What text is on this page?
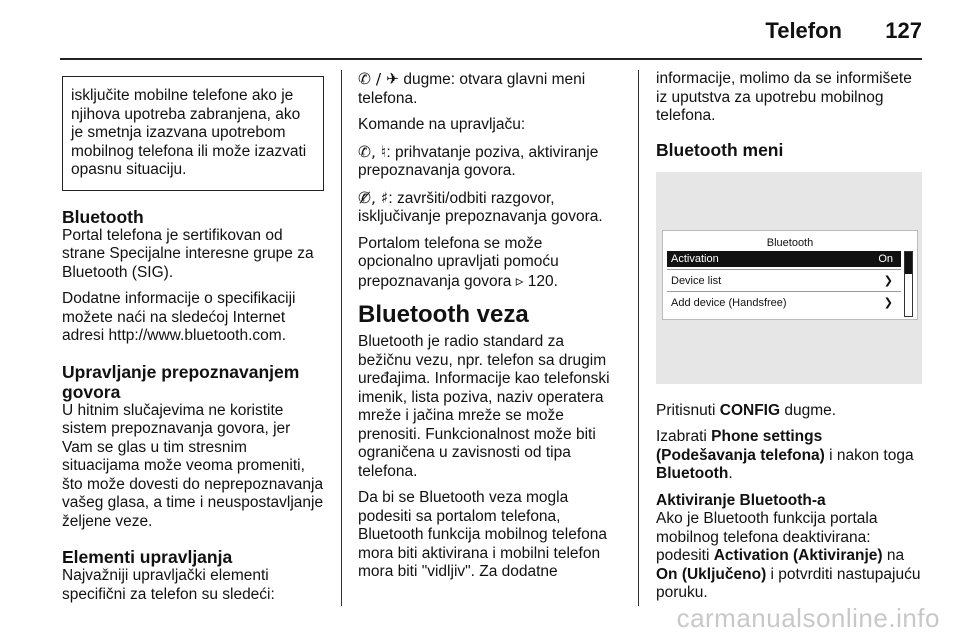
Telefon 127

isključite mobilne telefone ako je njihova upotreba zabranjena, ako je smetnja izazvana upotrebom mobilnog telefona ili može izazvati opasnu situaciju.

Bluetooth

Portal telefona je sertifikovan od strane Specijalne interesne grupe za Bluetooth (SIG).

Dodatne informacije o specifikaciji možete naći na sledećoj Internet adresi http://www.bluetooth.com.

Upravljanje prepoznavanjem govora

U hitnim slučajevima ne koristite sistem prepoznavanja govora, jer Vam se glas u tim stresnim situacijama može veoma promeniti, što može dovesti do neprepoznavanja vašeg glasa, a time i neuspostavljanje željene veze.

Elementi upravljanja

Najvažniji upravljački elementi specifični za telefon su sledeći:

✆ / ✈ dugme: otvara glavni meni telefona.

Komande na upravljaču:

✆, ♮: prihvatanje poziva, aktiviranje prepoznavanja govora.

✆̸, ♯: završiti/odbiti razgovor, isključivanje prepoznavanja govora.

Portalom telefona se može opcionalno upravljati pomoću prepoznavanja govora ▹ 120.

Bluetooth veza

Bluetooth je radio standard za bežičnu vezu, npr. telefon sa drugim uređajima. Informacije kao telefonski imenik, lista poziva, naziv operatera mreže i jačina mreže se može prenositi. Funkcionalnost može biti ograničena u zavisnosti od tipa telefona.

Da bi se Bluetooth veza mogla podesiti sa portalom telefona, Bluetooth funkcija mobilnog telefona mora biti aktivirana i mobilni telefon mora biti "vidljiv". Za dodatne

informacije, molimo da se informišete iz uputstva za upotrebu mobilnog telefona.

Bluetooth meni
Bluetooth
Activation	On
Device list	❯
Add device (Handsfree)	❯

Pritisnuti CONFIG dugme.

Izabrati Phone settings (Podešavanja telefona) i nakon toga Bluetooth.

Aktiviranje Bluetooth-a

Ako je Bluetooth funkcija portala mobilnog telefona deaktivirana: podesiti Activation (Aktiviranje) na On (Uključeno) i potvrditi nastupajuću poruku.

carmanualsonline.info
